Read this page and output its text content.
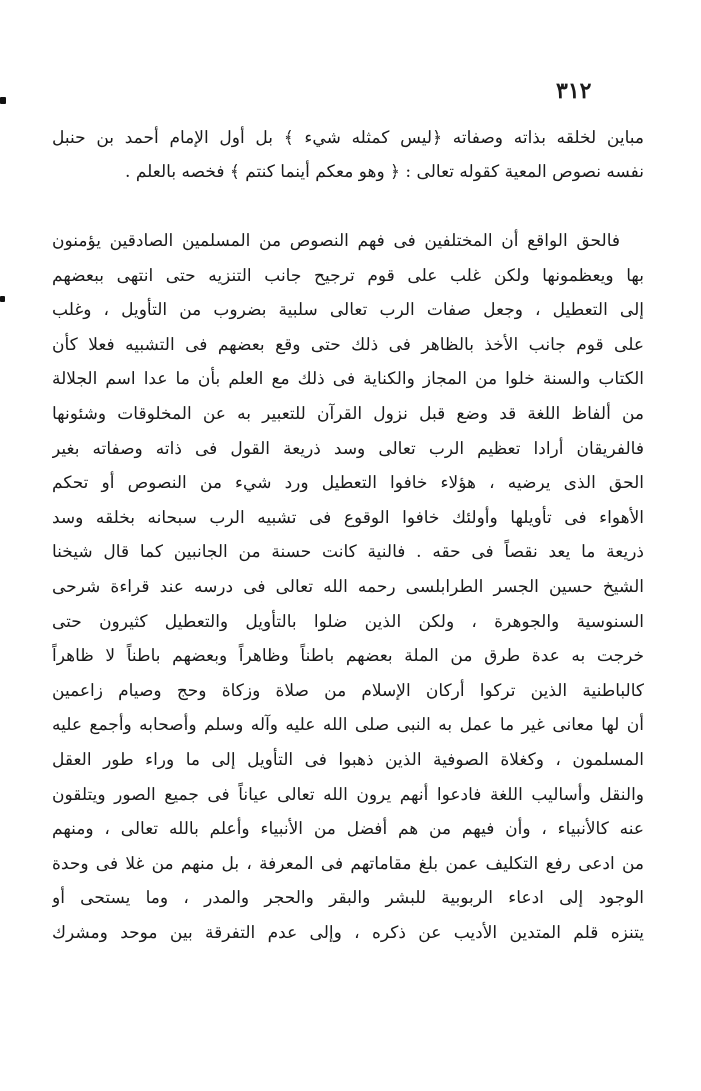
٣١٢
مباين لخلقه بذاته وصفاته ﴿ليس كمثله شيء ﴾ بل أول الإمام أحمد بن حنبل
نفسه نصوص المعية كقوله تعالى : ﴿ وهو معكم أينما كنتم ﴾ فخصه بالعلم .
فالحق الواقع أن المختلفين فى فهم النصوص من المسلمين الصادقين يؤمنون
بها ويعظمونها ولكن غلب على قوم ترجيح جانب التنزيه حتى انتهى ببعضهم
إلى التعطيل ، وجعل صفات الرب تعالى سلبية بضروب من التأويل ، وغلب
على قوم جانب الأخذ بالظاهر فى ذلك حتى وقع بعضهم فى التشبيه فعلا كأن
الكتاب والسنة خلوا من المجاز والكناية فى ذلك مع العلم بأن ما عدا اسم الجلالة
من ألفاظ اللغة قد وضع قبل نزول القرآن للتعبير به عن المخلوقات وشئونها
فالفريقان أرادا تعظيم الرب تعالى وسد ذريعة القول فى ذاته وصفاته بغير
الحق الذى يرضيه ، هؤلاء خافوا التعطيل ورد شيء من النصوص أو تحكم
الأهواء فى تأويلها وأولئك خافوا الوقوع فى تشبيه الرب سبحانه بخلقه وسد
ذريعة ما يعد نقصاً فى حقه . فالنية كانت حسنة من الجانبين كما قال شيخنا
الشيخ حسين الجسر الطرابلسى رحمه الله تعالى فى درسه عند قراءة شرحى
السنوسية والجوهرة ، ولكن الذين ضلوا بالتأويل والتعطيل كثيرون حتى
خرجت به عدة طرق من الملة بعضهم باطناً وظاهراً وبعضهم باطناً لا ظاهراً
كالباطنية الذين تركوا أركان الإسلام من صلاة وزكاة وحج وصيام زاعمين
أن لها معانى غير ما عمل به النبى صلى الله عليه وآله وسلم وأصحابه وأجمع عليه
المسلمون ، وكغلاة الصوفية الذين ذهبوا فى التأويل إلى ما وراء طور العقل
والنقل وأساليب اللغة فادعوا أنهم يرون الله تعالى عياناً فى جميع الصور ويتلقون
عنه كالأنبياء ، وأن فيهم من هم أفضل من الأنبياء وأعلم بالله تعالى ، ومنهم
من ادعى رفع التكليف عمن بلغ مقاماتهم فى المعرفة ، بل منهم من غلا فى وحدة
الوجود إلى ادعاء الربوبية للبشر والبقر والحجر والمدر ، وما يستحى أو
يتنزه قلم المتدين الأديب عن ذكره ، وإلى عدم التفرقة بين موحد ومشرك
